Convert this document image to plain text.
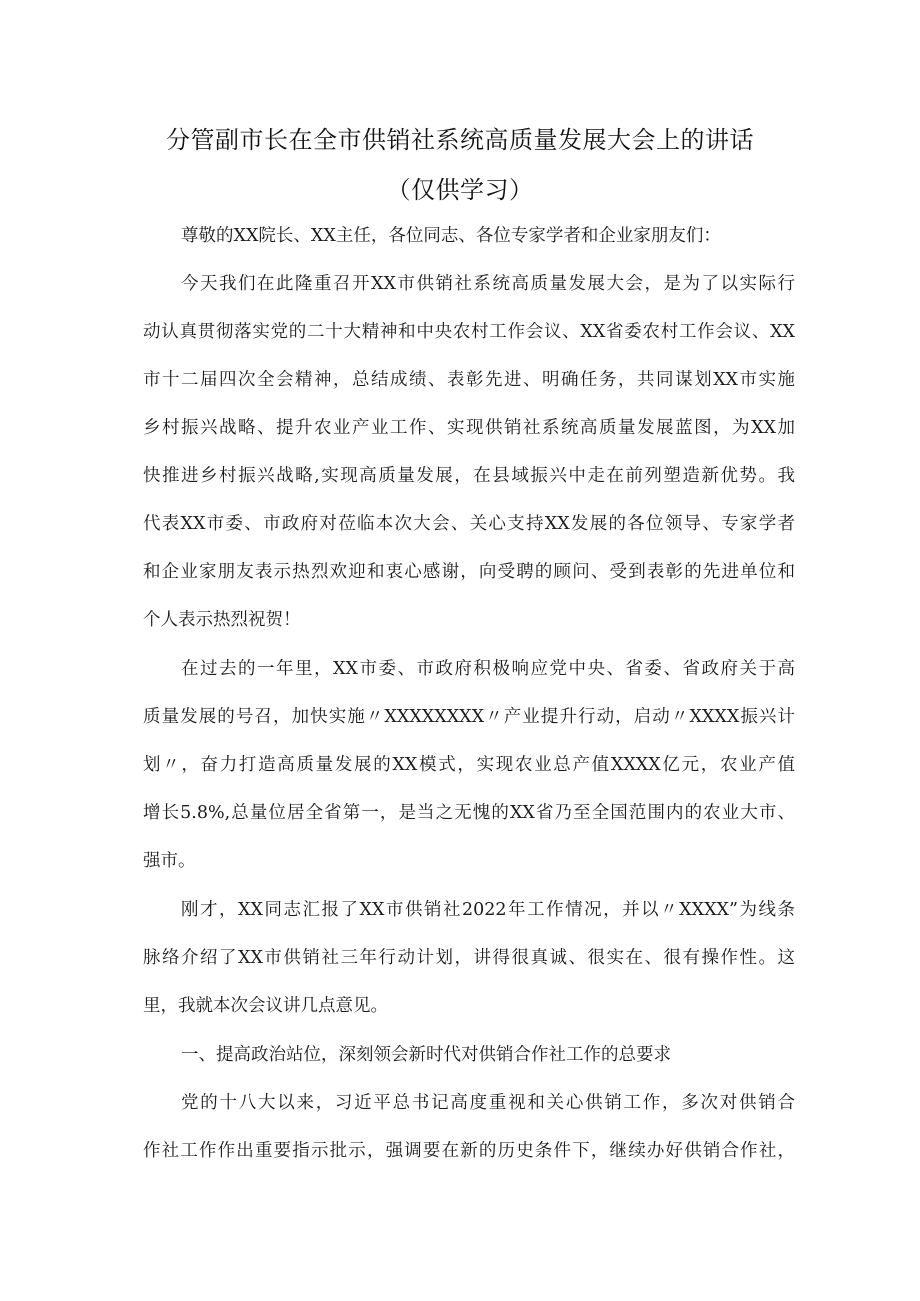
分管副市长在全市供销社系统高质量发展大会上的讲话
（仅供学习）
尊敬的XX院长、XX主任，各位同志、各位专家学者和企业家朋友们：
今天我们在此隆重召开XX市供销社系统高质量发展大会，是为了以实际行
动认真贯彻落实党的二十大精神和中央农村工作会议、XX省委农村工作会议、XX
市十二届四次全会精神，总结成绩、表彰先进、明确任务，共同谋划XX市实施
乡村振兴战略、提升农业产业工作、实现供销社系统高质量发展蓝图，为XX加
快推进乡村振兴战略,实现高质量发展，在县域振兴中走在前列塑造新优势。我
代表XX市委、市政府对莅临本次大会、关心支持XX发展的各位领导、专家学者
和企业家朋友表示热烈欢迎和衷心感谢，向受聘的顾问、受到表彰的先进单位和
个人表示热烈祝贺！
在过去的一年里，XX市委、市政府积极响应党中央、省委、省政府关于高
质量发展的号召，加快实施〃XXXXXXXX〃产业提升行动，启动〃XXXX振兴计
划〃，奋力打造高质量发展的XX模式，实现农业总产值XXXX亿元，农业产值
增长5.8%,总量位居全省第一，是当之无愧的XX省乃至全国范围内的农业大市、
强市。
刚才，XX同志汇报了XX市供销社2022年工作情况，并以〃XXXX”为线条
脉络介绍了XX市供销社三年行动计划，讲得很真诚、很实在、很有操作性。这
里，我就本次会议讲几点意见。
一、提高政治站位，深刻领会新时代对供销合作社工作的总要求
党的十八大以来，习近平总书记高度重视和关心供销工作，多次对供销合
作社工作作出重要指示批示，强调要在新的历史条件下，继续办好供销合作社，
